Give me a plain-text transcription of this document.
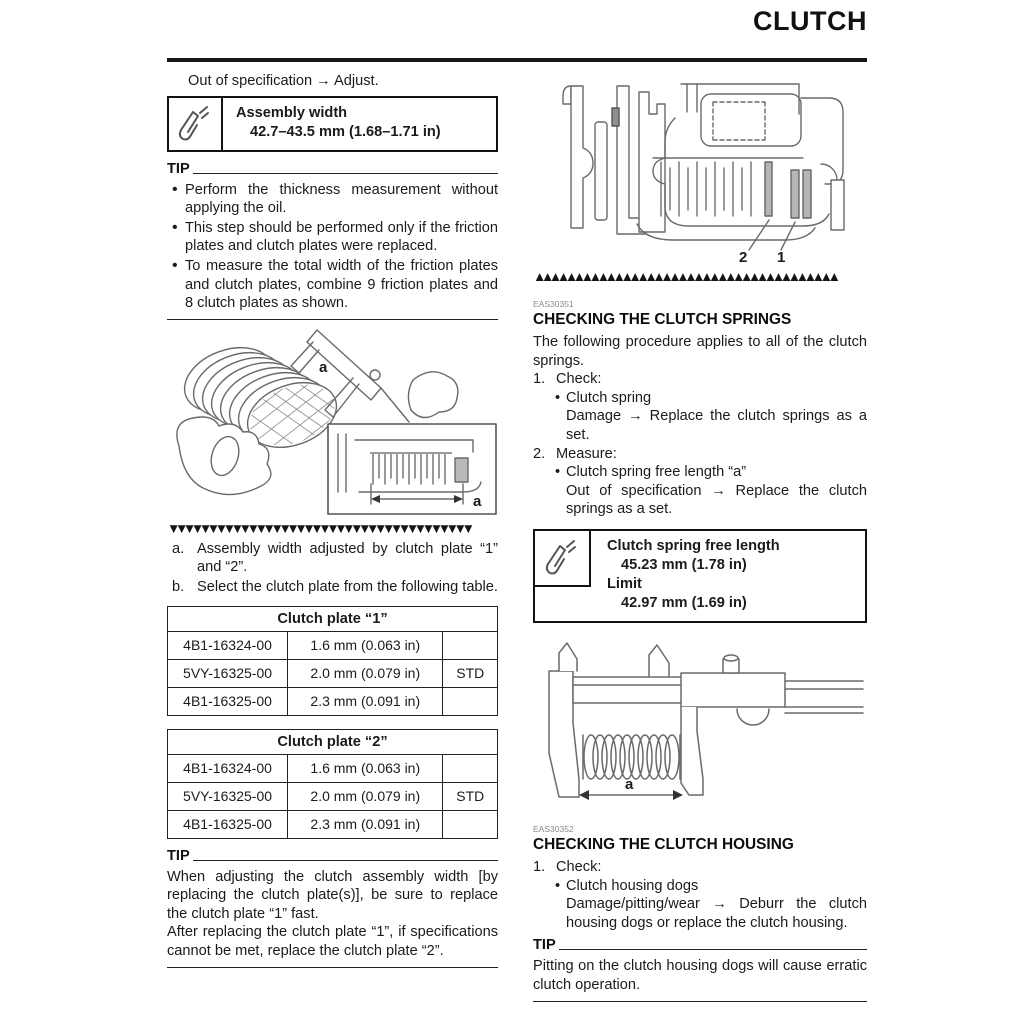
CLUTCH
Out of specification → Adjust.
Assembly width
42.7–43.5 mm (1.68–1.71 in)
TIP
• Perform the thickness measurement without applying the oil.
• This step should be performed only if the friction plates and clutch plates were replaced.
• To measure the total width of the friction plates and clutch plates, combine 9 friction plates and 8 clutch plates as shown.
a
a
▼▼▼▼▼▼▼▼▼▼▼▼▼▼▼▼▼▼▼▼▼▼▼▼▼▼▼▼▼▼▼▼▼▼▼▼▼▼
a. Assembly width adjusted by clutch plate “1” and “2”.
b. Select the clutch plate from the following table.
Clutch plate “1”		
4B1-16324-00	1.6 mm (0.063 in)	
5VY-16325-00	2.0 mm (0.079 in)	STD
4B1-16325-00	2.3 mm (0.091 in)	
Clutch plate “2”		
4B1-16324-00	1.6 mm (0.063 in)	
5VY-16325-00	2.0 mm (0.079 in)	STD
4B1-16325-00	2.3 mm (0.091 in)	
TIP
When adjusting the clutch assembly width [by replacing the clutch plate(s)], be sure to replace the clutch plate “1” fast.
After replacing the clutch plate “1”, if specifications cannot be met, replace the clutch plate “2”.
2 1
▲▲▲▲▲▲▲▲▲▲▲▲▲▲▲▲▲▲▲▲▲▲▲▲▲▲▲▲▲▲▲▲▲▲▲▲▲▲
EAS30351
CHECKING THE CLUTCH SPRINGS
The following procedure applies to all of the clutch springs.
1. Check:
• Clutch spring
Damage → Replace the clutch springs as a set.
2. Measure:
• Clutch spring free length “a”
Out of specification → Replace the clutch springs as a set.
Clutch spring free length
45.23 mm (1.78 in)
Limit
42.97 mm (1.69 in)
a
EAS30352
CHECKING THE CLUTCH HOUSING
1. Check:
• Clutch housing dogs
Damage/pitting/wear → Deburr the clutch housing dogs or replace the clutch housing.
TIP
Pitting on the clutch housing dogs will cause erratic clutch operation.
